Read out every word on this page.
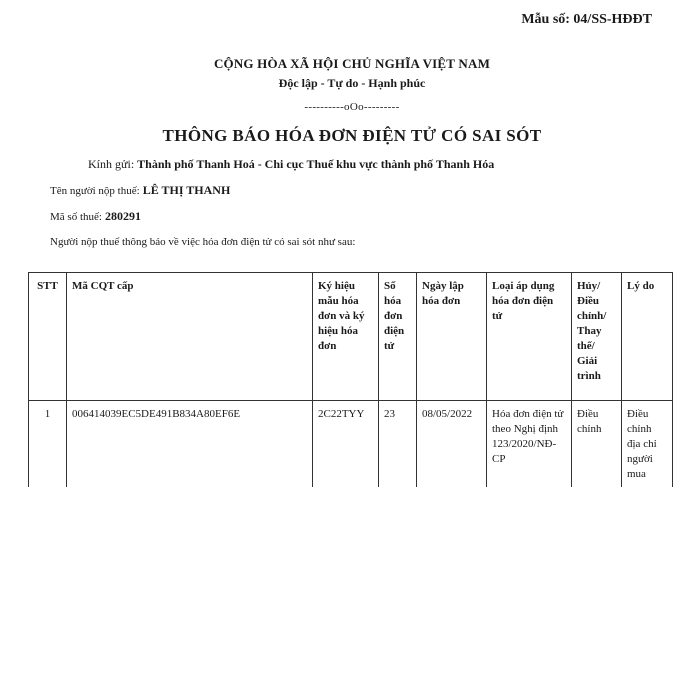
Mẫu số: 04/SS-HĐĐT
CỘNG HÒA XÃ HỘI CHỦ NGHĨA VIỆT NAM
Độc lập - Tự do - Hạnh phúc
----------oOo---------
THÔNG BÁO HÓA ĐƠN ĐIỆN TỬ CÓ SAI SÓT
Kính gửi: Thành phố Thanh Hoá - Chi cục Thuế khu vực thành phố Thanh Hóa
Tên người nộp thuế: LÊ THỊ THANH
Mã số thuế: 280291
Người nộp thuế thông báo về việc hóa đơn điện tử có sai sót như sau:
STT	Mã CQT cấp	Ký hiệu mẫu hóa đơn và ký hiệu hóa đơn	Số hóa đơn điện tử	Ngày lập hóa đơn	Loại áp dụng hóa đơn điện tử	Hủy/ Điều chỉnh/ Thay thế/ Giải trình	Lý do
1	006414039EC5DE491B834A80EF6E	2C22TYY	23	08/05/2022	Hóa đơn điện tử theo Nghị định 123/2020/NĐ-CP	Điều chỉnh	Điều chỉnh địa chỉ người mua
